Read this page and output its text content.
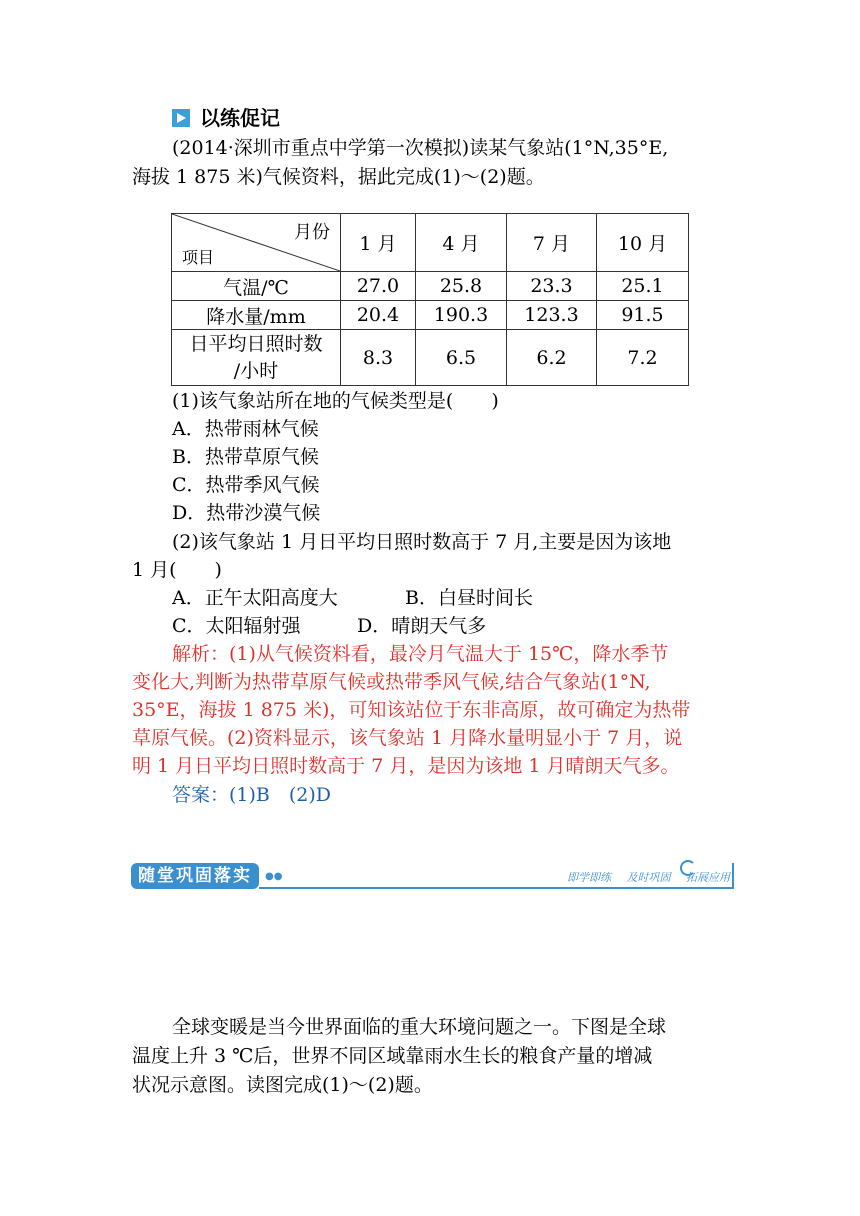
以练促记
(2014·深圳市重点中学第一次模拟)读某气象站(1°N,35°E,
海拔 1 875 米)气候资料，据此完成(1)～(2)题。
月份
项目	1 月	4 月	7 月	10 月
气温/℃	27.0	25.8	23.3	25.1
降水量/mm	20.4	190.3	123.3	91.5

日平均日照时数
/小时	8.3	6.5	6.2	7.2
(1)该气象站所在地的气候类型是(　　)
A．热带雨林气候
B．热带草原气候
C．热带季风气候
D．热带沙漠气候
(2)该气象站 1 月日平均日照时数高于 7 月,主要是因为该地
1 月(　　)
A．正午太阳高度大	B．白昼时间长
C．太阳辐射强	D．晴朗天气多
解析：(1)从气候资料看，最冷月气温大于 15℃，降水季节
变化大,判断为热带草原气候或热带季风气候,结合气象站(1°N,
35°E，海拔 1 875 米)，可知该站位于东非高原，故可确定为热带
草原气候。(2)资料显示，该气象站 1 月降水量明显小于 7 月，说
明 1 月日平均日照时数高于 7 月，是因为该地 1 月晴朗天气多。
答案：(1)B　(2)D
随堂巩固落实	●●	即学即练 及时巩固 拓展应用
全球变暖是当今世界面临的重大环境问题之一。下图是全球
温度上升 3 ℃后，世界不同区域靠雨水生长的粮食产量的增减
状况示意图。读图完成(1)～(2)题。
